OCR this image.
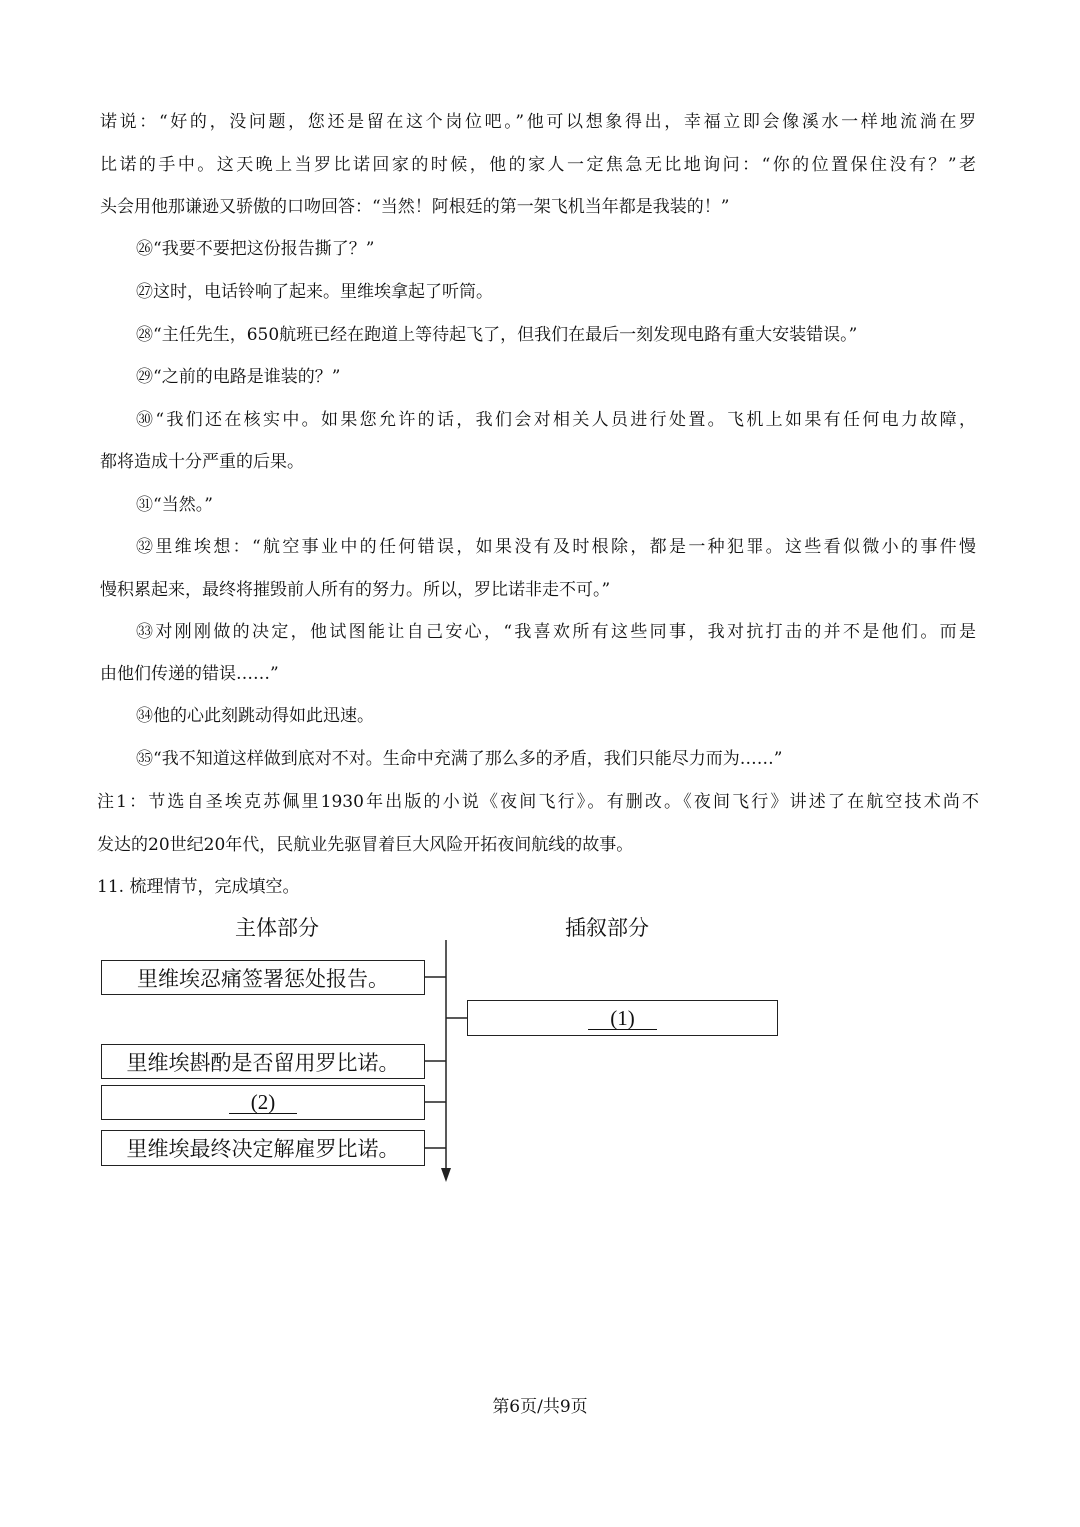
诺说：“好的，没问题，您还是留在这个岗位吧。”他可以想象得出，幸福立即会像溪水一样地流淌在罗
比诺的手中。这天晚上当罗比诺回家的时候，他的家人一定焦急无比地询问：“你的位置保住没有？”老
头会用他那谦逊又骄傲的口吻回答：“当然！阿根廷的第一架飞机当年都是我装的！”
㉖“我要不要把这份报告撕了？”
㉗这时，电话铃响了起来。里维埃拿起了听筒。
㉘“主任先生，650航班已经在跑道上等待起飞了，但我们在最后一刻发现电路有重大安装错误。”
㉙“之前的电路是谁装的？”
㉚“我们还在核实中。如果您允许的话，我们会对相关人员进行处置。飞机上如果有任何电力故障，
都将造成十分严重的后果。
㉛“当然。”
㉜里维埃想：“航空事业中的任何错误，如果没有及时根除，都是一种犯罪。这些看似微小的事件慢
慢积累起来，最终将摧毁前人所有的努力。所以，罗比诺非走不可。”
㉝对刚刚做的决定，他试图能让自己安心，“我喜欢所有这些同事，我对抗打击的并不是他们。而是
由他们传递的错误……”
㉞他的心此刻跳动得如此迅速。
㉟“我不知道这样做到底对不对。生命中充满了那么多的矛盾，我们只能尽力而为……”
注1：节选自圣埃克苏佩里1930年出版的小说《夜间飞行》。有删改。《夜间飞行》讲述了在航空技术尚不
发达的20世纪20年代，民航业先驱冒着巨大风险开拓夜间航线的故事。
11. 梳理情节，完成填空。
主体部分	插叙部分
里维埃忍痛签署惩处报告。
(1)
里维埃斟酌是否留用罗比诺。
(2)
里维埃最终决定解雇罗比诺。
第6页/共9页
